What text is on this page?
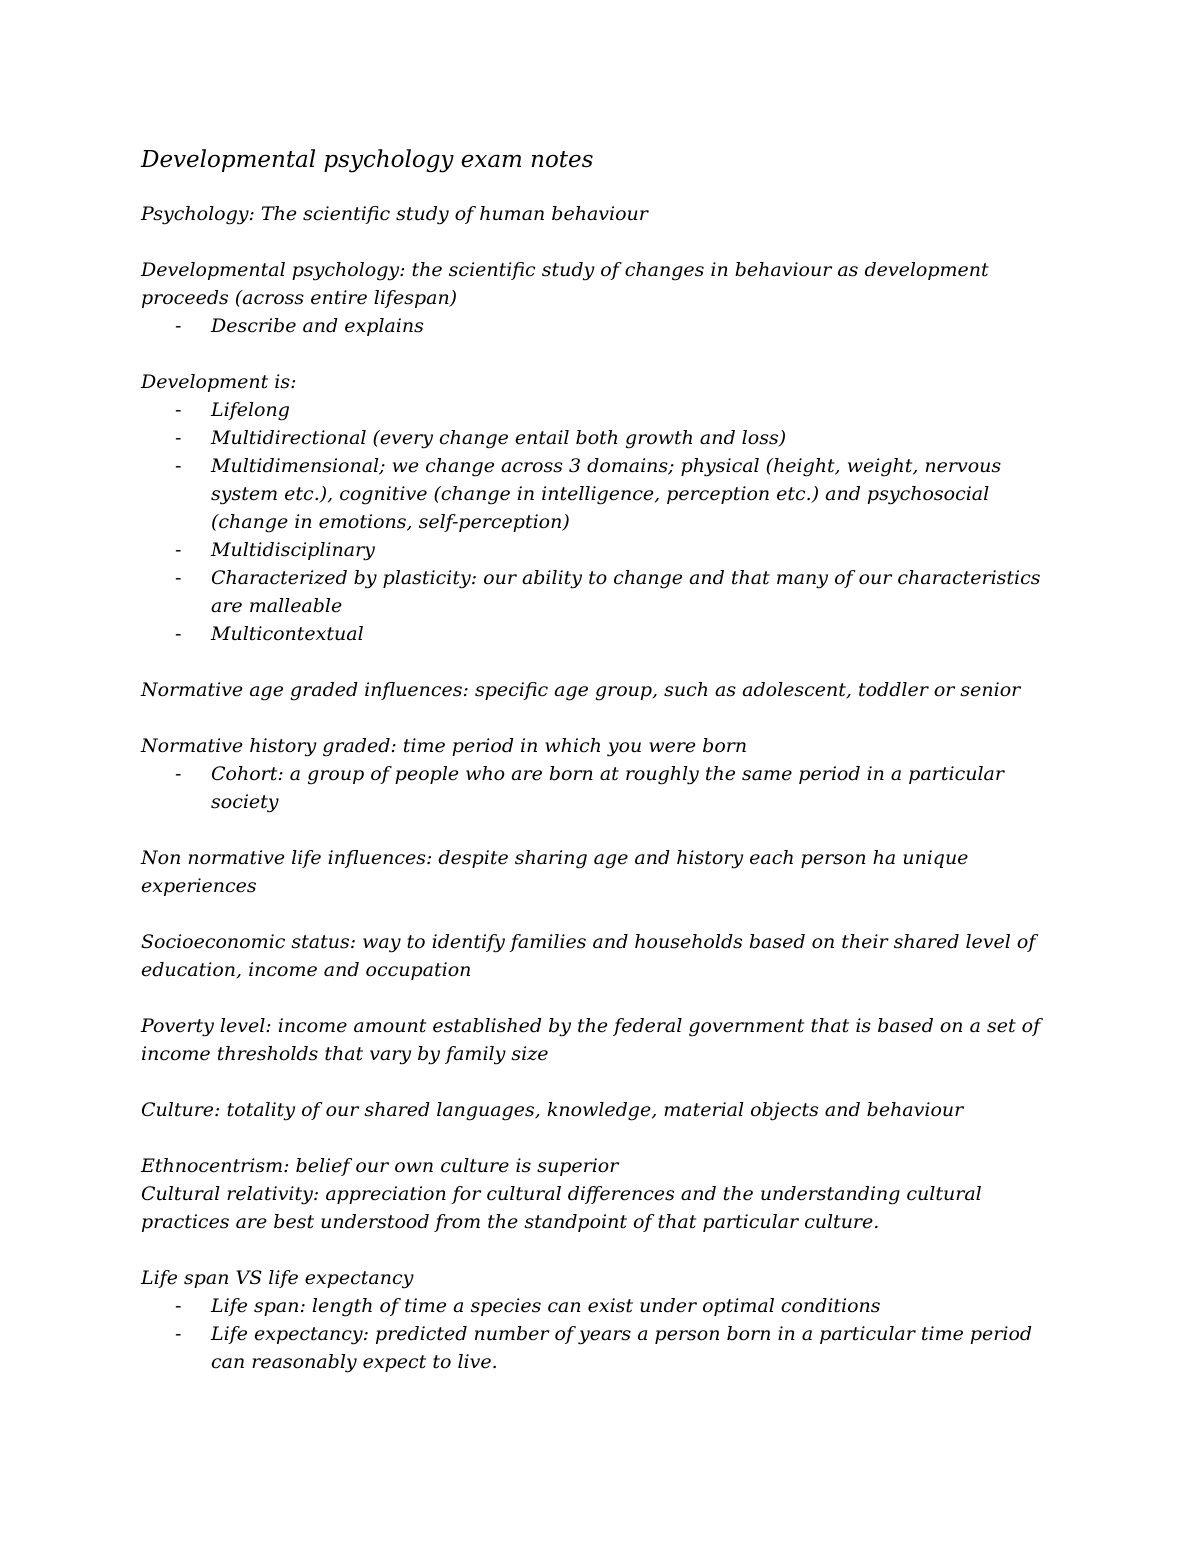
Developmental psychology exam notes
Psychology: The scientific study of human behaviour
Developmental psychology: the scientific study of changes in behaviour as development proceeds (across entire lifespan)
- Describe and explains
Development is:
- Lifelong
- Multidirectional (every change entail both growth and loss)
- Multidimensional; we change across 3 domains; physical (height, weight, nervous system etc.), cognitive (change in intelligence, perception etc.) and psychosocial (change in emotions, self-perception)
- Multidisciplinary
- Characterized by plasticity: our ability to change and that many of our characteristics are malleable
- Multicontextual
Normative age graded influences: specific age group, such as adolescent, toddler or senior
Normative history graded: time period in which you were born
- Cohort: a group of people who are born at roughly the same period in a particular society
Non normative life influences: despite sharing age and history each person ha unique experiences
Socioeconomic status: way to identify families and households based on their shared level of education, income and occupation
Poverty level: income amount established by the federal government that is based on a set of income thresholds that vary by family size
Culture: totality of our shared languages, knowledge, material objects and behaviour
Ethnocentrism: belief our own culture is superior
Cultural relativity: appreciation for cultural differences and the understanding cultural practices are best understood from the standpoint of that particular culture.
Life span VS life expectancy
- Life span: length of time a species can exist under optimal conditions
- Life expectancy: predicted number of years a person born in a particular time period can reasonably expect to live.
